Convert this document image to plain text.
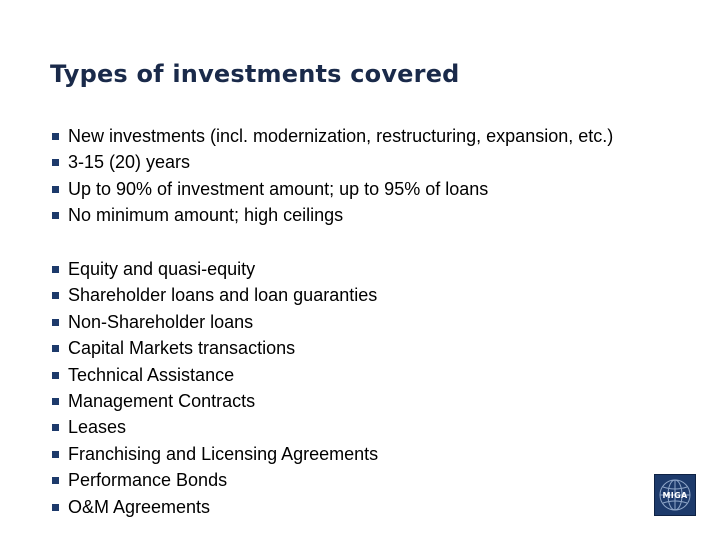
Types of investments covered
New investments (incl. modernization, restructuring, expansion, etc.)
3-15 (20) years
Up to 90% of investment amount; up to 95% of loans
No minimum amount; high ceilings
Equity and quasi-equity
Shareholder loans and loan guaranties
Non-Shareholder loans
Capital Markets transactions
Technical Assistance
Management Contracts
Leases
Franchising and Licensing Agreements
Performance Bonds
O&M Agreements
MIGA
